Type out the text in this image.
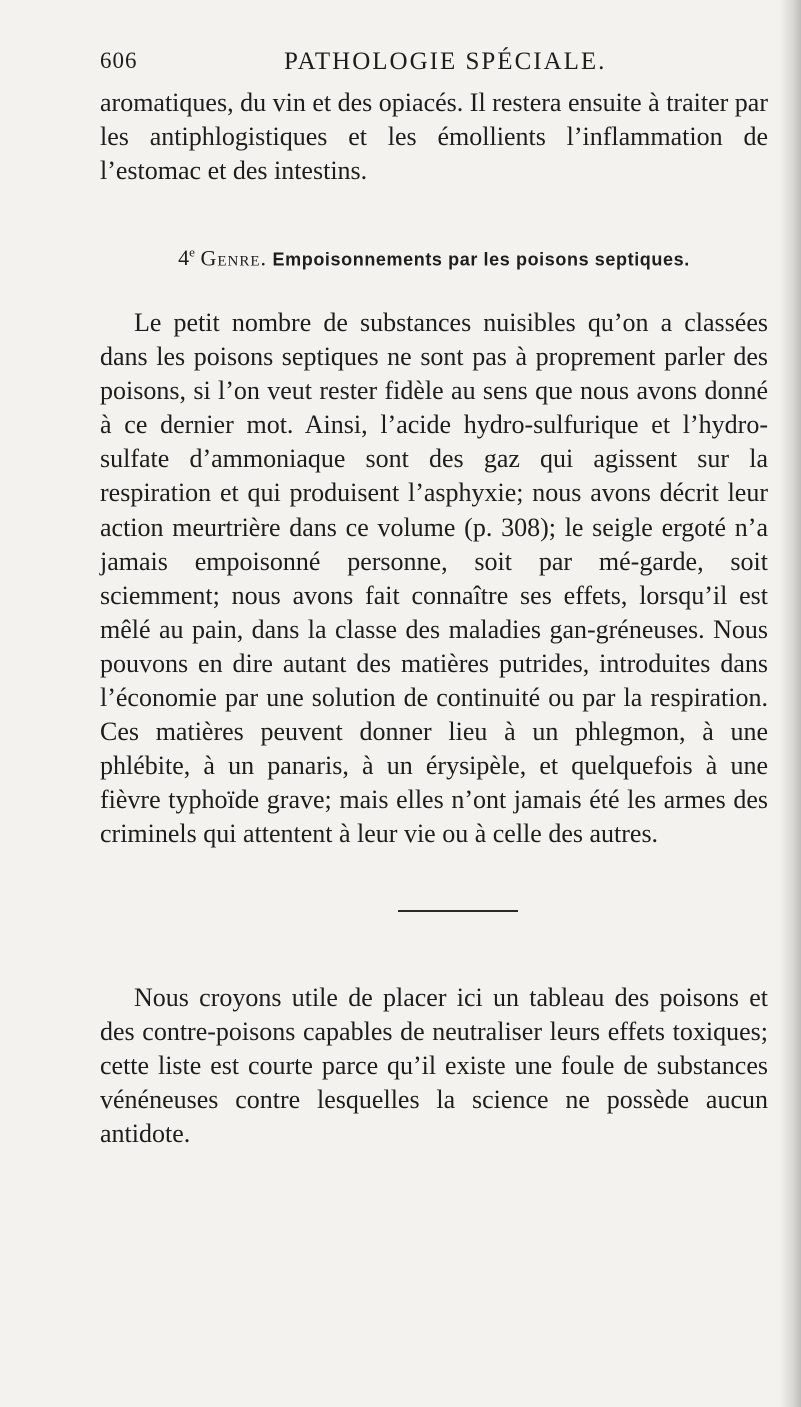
606	PATHOLOGIE SPÉCIALE.

aromatiques, du vin et des opiacés. Il restera ensuite à traiter par les antiphlogistiques et les émollients l’inflammation de l’estomac et des intestins.

4e Genre. Empoisonnements par les poisons septiques.

Le petit nombre de substances nuisibles qu’on a classées dans les poisons septiques ne sont pas à proprement parler des poisons, si l’on veut rester fidèle au sens que nous avons donné à ce dernier mot. Ainsi, l’acide hydro-sulfurique et l’hydro-sulfate d’ammoniaque sont des gaz qui agissent sur la respiration et qui produisent l’asphyxie; nous avons décrit leur action meurtrière dans ce volume (p. 308); le seigle ergoté n’a jamais empoisonné personne, soit par mé-garde, soit sciemment; nous avons fait connaître ses effets, lorsqu’il est mêlé au pain, dans la classe des maladies gan-gréneuses. Nous pouvons en dire autant des matières putrides, introduites dans l’économie par une solution de continuité ou par la respiration. Ces matières peuvent donner lieu à un phlegmon, à une phlébite, à un panaris, à un érysipèle, et quelquefois à une fièvre typhoïde grave; mais elles n’ont jamais été les armes des criminels qui attentent à leur vie ou à celle des autres.

Nous croyons utile de placer ici un tableau des poisons et des contre-poisons capables de neutraliser leurs effets toxiques; cette liste est courte parce qu’il existe une foule de substances vénéneuses contre lesquelles la science ne possède aucun antidote.
